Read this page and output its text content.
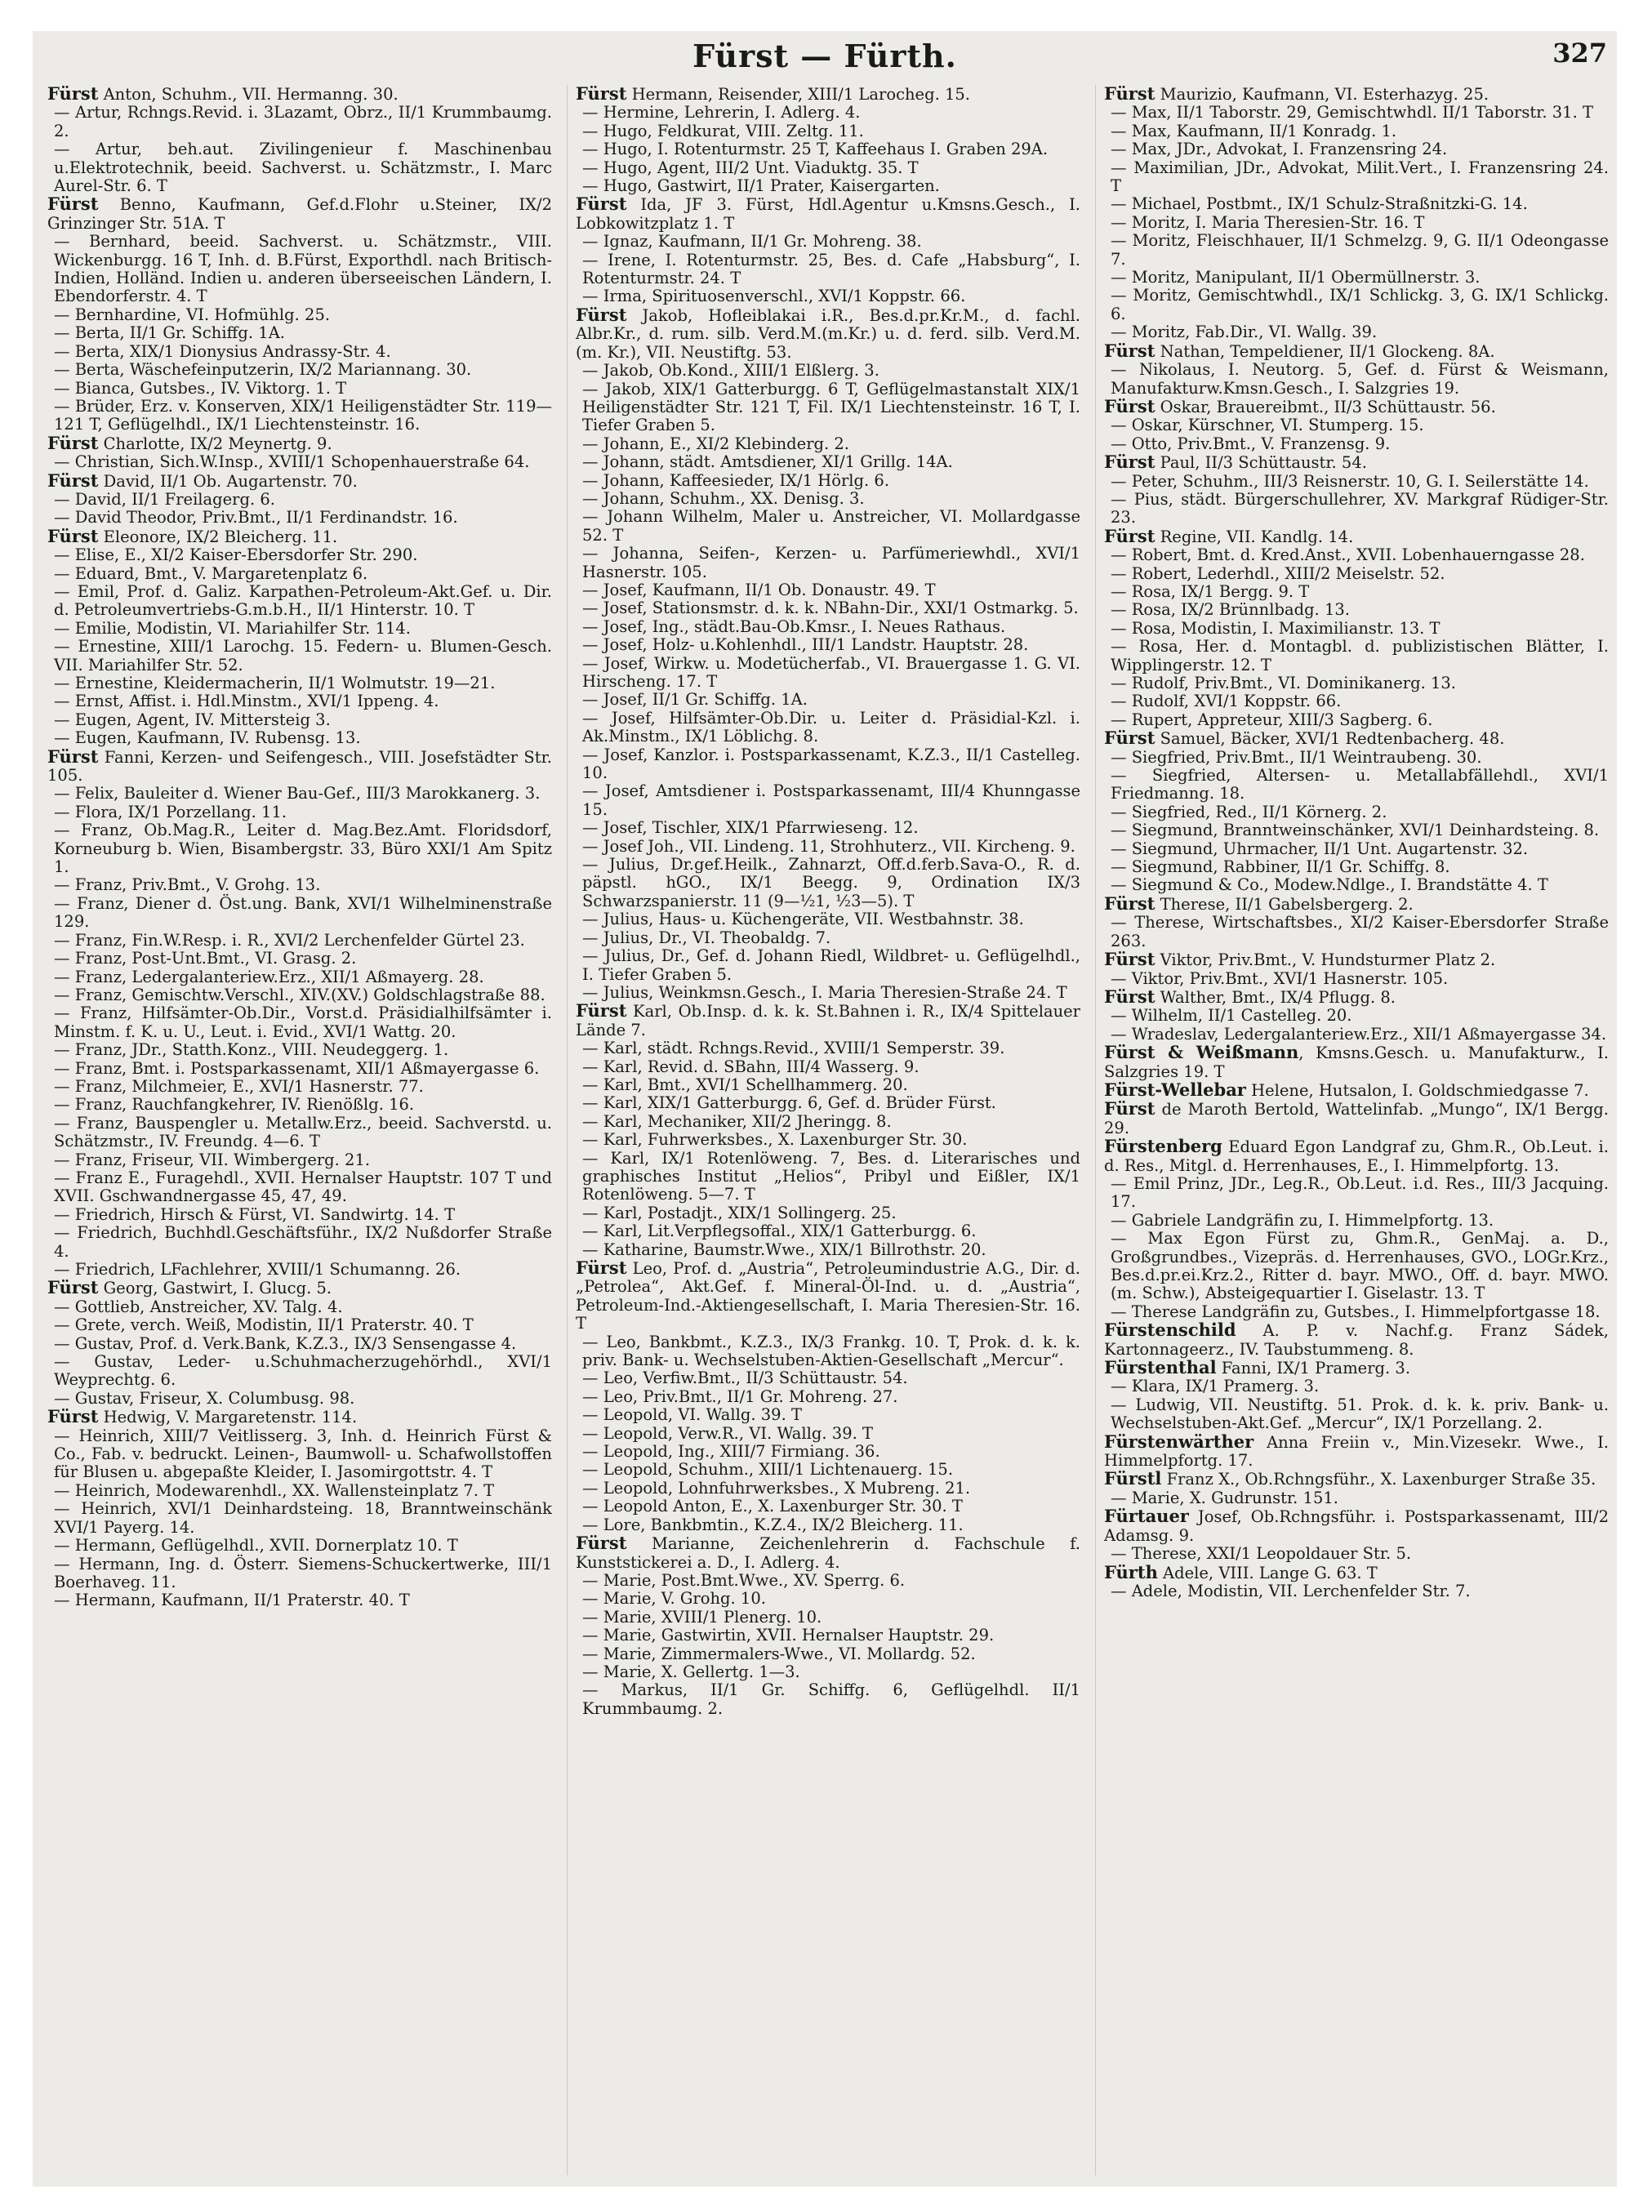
Fürst — Fürth.	327
Fürst Anton, Schuhm., VII. Hermanng. 30.
— Artur, Rchngs.Revid. i. 3Lazamt, Obrz., II/1 Krummbaumg. 2.
— Artur, beh.aut. Zivilingenieur f. Maschinenbau u.Elektrotechnik, beeid. Sachverst. u. Schätzmstr., I. Marc Aurel-Str. 6. T
Fürst Benno, Kaufmann, Gef.d.Flohr u.Steiner, IX/2 Grinzinger Str. 51A. T
— Bernhard, beeid. Sachverst. u. Schätzmstr., VIII. Wickenburgg. 16 T, Inh. d. B.Fürst, Exporthdl. nach Britisch-Indien, Holländ. Indien u. anderen überseeischen Ländern, I. Ebendorferstr. 4. T
— Bernhardine, VI. Hofmühlg. 25.
— Berta, II/1 Gr. Schiffg. 1A.
— Berta, XIX/1 Dionysius Andrassy-Str. 4.
— Berta, Wäschefeinputzerin, IX/2 Mariannang. 30.
— Bianca, Gutsbes., IV. Viktorg. 1. T
— Brüder, Erz. v. Konserven, XIX/1 Heiligenstädter Str. 119—121 T, Geflügelhdl., IX/1 Liechtensteinstr. 16.
Fürst Charlotte, IX/2 Meynertg. 9.
— Christian, Sich.W.Insp., XVIII/1 Schopenhauerstraße 64.
Fürst David, II/1 Ob. Augartenstr. 70.
— David, II/1 Freilagerg. 6.
— David Theodor, Priv.Bmt., II/1 Ferdinandstr. 16.
Fürst Eleonore, IX/2 Bleicherg. 11.
— Elise, E., XI/2 Kaiser-Ebersdorfer Str. 290.
— Eduard, Bmt., V. Margaretenplatz 6.
— Emil, Prof. d. Galiz. Karpathen-Petroleum-Akt.Gef. u. Dir. d. Petroleumvertriebs-G.m.b.H., II/1 Hinterstr. 10. T
— Emilie, Modistin, VI. Mariahilfer Str. 114.
— Ernestine, XIII/1 Larochg. 15. Federn- u. Blumen-Gesch. VII. Mariahilfer Str. 52.
— Ernestine, Kleidermacherin, II/1 Wolmutstr. 19—21.
— Ernst, Affist. i. Hdl.Minstm., XVI/1 Ippeng. 4.
— Eugen, Agent, IV. Mittersteig 3.
— Eugen, Kaufmann, IV. Rubensg. 13.
Fürst Fanni, Kerzen- und Seifengesch., VIII. Josefstädter Str. 105.
— Felix, Bauleiter d. Wiener Bau-Gef., III/3 Marokkanerg. 3.
— Flora, IX/1 Porzellang. 11.
— Franz, Ob.Mag.R., Leiter d. Mag.Bez.Amt. Floridsdorf, Korneuburg b. Wien, Bisambergstr. 33, Büro XXI/1 Am Spitz 1.
— Franz, Priv.Bmt., V. Grohg. 13.
— Franz, Diener d. Öst.ung. Bank, XVI/1 Wilhelminenstraße 129.
— Franz, Fin.W.Resp. i. R., XVI/2 Lerchenfelder Gürtel 23.
— Franz, Post-Unt.Bmt., VI. Grasg. 2.
— Franz, Ledergalanteriew.Erz., XII/1 Aßmayerg. 28.
— Franz, Gemischtw.Verschl., XIV.(XV.) Goldschlagstraße 88.
— Franz, Hilfsämter-Ob.Dir., Vorst.d. Präsidialhilfsämter i. Minstm. f. K. u. U., Leut. i. Evid., XVI/1 Wattg. 20.
— Franz, JDr., Statth.Konz., VIII. Neudeggerg. 1.
— Franz, Bmt. i. Postsparkassenamt, XII/1 Aßmayergasse 6.
— Franz, Milchmeier, E., XVI/1 Hasnerstr. 77.
— Franz, Rauchfangkehrer, IV. Rienößlg. 16.
— Franz, Bauspengler u. Metallw.Erz., beeid. Sachverstd. u. Schätzmstr., IV. Freundg. 4—6. T
— Franz, Friseur, VII. Wimbergerg. 21.
— Franz E., Furagehdl., XVII. Hernalser Hauptstr. 107 T und XVII. Gschwandnergasse 45, 47, 49.
— Friedrich, Hirsch & Fürst, VI. Sandwirtg. 14. T
— Friedrich, Buchhdl.Geschäftsführ., IX/2 Nußdorfer Straße 4.
— Friedrich, LFachlehrer, XVIII/1 Schumanng. 26.
Fürst Georg, Gastwirt, I. Glucg. 5.
— Gottlieb, Anstreicher, XV. Talg. 4.
— Grete, verch. Weiß, Modistin, II/1 Praterstr. 40. T
— Gustav, Prof. d. Verk.Bank, K.Z.3., IX/3 Sensengasse 4.
— Gustav, Leder- u.Schuhmacherzugehörhdl., XVI/1 Weyprechtg. 6.
— Gustav, Friseur, X. Columbusg. 98.
Fürst Hedwig, V. Margaretenstr. 114.
— Heinrich, XIII/7 Veitlisserg. 3, Inh. d. Heinrich Fürst & Co., Fab. v. bedruckt. Leinen-, Baumwoll- u. Schafwollstoffen für Blusen u. abgepaßte Kleider, I. Jasomirgottstr. 4. T
— Heinrich, Modewarenhdl., XX. Wallensteinplatz 7. T
— Heinrich, XVI/1 Deinhardsteing. 18, Branntweinschänk XVI/1 Payerg. 14.
— Hermann, Geflügelhdl., XVII. Dornerplatz 10. T
— Hermann, Ing. d. Österr. Siemens-Schuckertwerke, III/1 Boerhaveg. 11.
— Hermann, Kaufmann, II/1 Praterstr. 40. T
Fürst Hermann, Reisender, XIII/1 Larocheg. 15.
— Hermine, Lehrerin, I. Adlerg. 4.
— Hugo, Feldkurat, VIII. Zeltg. 11.
— Hugo, I. Rotenturmstr. 25 T, Kaffeehaus I. Graben 29A.
— Hugo, Agent, III/2 Unt. Viaduktg. 35. T
— Hugo, Gastwirt, II/1 Prater, Kaisergarten.
Fürst Ida, JF 3. Fürst, Hdl.Agentur u.Kmsns.Gesch., I. Lobkowitzplatz 1. T
— Ignaz, Kaufmann, II/1 Gr. Mohreng. 38.
— Irene, I. Rotenturmstr. 25, Bes. d. Cafe „Habsburg“, I. Rotenturmstr. 24. T
— Irma, Spirituosenverschl., XVI/1 Koppstr. 66.
Fürst Jakob, Hofleiblakai i.R., Bes.d.pr.Kr.M., d. fachl. Albr.Kr., d. rum. silb. Verd.M.(m.Kr.) u. d. ferd. silb. Verd.M. (m. Kr.), VII. Neustiftg. 53.
— Jakob, Ob.Kond., XIII/1 Elßlerg. 3.
— Jakob, XIX/1 Gatterburgg. 6 T, Geflügelmastanstalt XIX/1 Heiligenstädter Str. 121 T, Fil. IX/1 Liechtensteinstr. 16 T, I. Tiefer Graben 5.
— Johann, E., XI/2 Klebinderg. 2.
— Johann, städt. Amtsdiener, XI/1 Grillg. 14A.
— Johann, Kaffeesieder, IX/1 Hörlg. 6.
— Johann, Schuhm., XX. Denisg. 3.
— Johann Wilhelm, Maler u. Anstreicher, VI. Mollardgasse 52. T
— Johanna, Seifen-, Kerzen- u. Parfümeriewhdl., XVI/1 Hasnerstr. 105.
— Josef, Kaufmann, II/1 Ob. Donaustr. 49. T
— Josef, Stationsmstr. d. k. k. NBahn-Dir., XXI/1 Ostmarkg. 5.
— Josef, Ing., städt.Bau-Ob.Kmsr., I. Neues Rathaus.
— Josef, Holz- u.Kohlenhdl., III/1 Landstr. Hauptstr. 28.
— Josef, Wirkw. u. Modetücherfab., VI. Brauergasse 1. G. VI. Hirscheng. 17. T
— Josef, II/1 Gr. Schiffg. 1A.
— Josef, Hilfsämter-Ob.Dir. u. Leiter d. Präsidial-Kzl. i. Ak.Minstm., IX/1 Löblichg. 8.
— Josef, Kanzlor. i. Postsparkassenamt, K.Z.3., II/1 Castelleg. 10.
— Josef, Amtsdiener i. Postsparkassenamt, III/4 Khunngasse 15.
— Josef, Tischler, XIX/1 Pfarrwieseng. 12.
— Josef Joh., VII. Lindeng. 11, Strohhuterz., VII. Kircheng. 9.
— Julius, Dr.gef.Heilk., Zahnarzt, Off.d.ferb.Sava-O., R. d. päpstl. hGO., IX/1 Beegg. 9, Ordination IX/3 Schwarzspanierstr. 11 (9—½1, ½3—5). T
— Julius, Haus- u. Küchengeräte, VII. Westbahnstr. 38.
— Julius, Dr., VI. Theobaldg. 7.
— Julius, Dr., Gef. d. Johann Riedl, Wildbret- u. Geflügelhdl., I. Tiefer Graben 5.
— Julius, Weinkmsn.Gesch., I. Maria Theresien-Straße 24. T
Fürst Karl, Ob.Insp. d. k. k. St.Bahnen i. R., IX/4 Spittelauer Lände 7.
— Karl, städt. Rchngs.Revid., XVIII/1 Semperstr. 39.
— Karl, Revid. d. SBahn, III/4 Wasserg. 9.
— Karl, Bmt., XVI/1 Schellhammerg. 20.
— Karl, XIX/1 Gatterburgg. 6, Gef. d. Brüder Fürst.
— Karl, Mechaniker, XII/2 Jheringg. 8.
— Karl, Fuhrwerksbes., X. Laxenburger Str. 30.
— Karl, IX/1 Rotenlöweng. 7, Bes. d. Literarisches und graphisches Institut „Helios“, Pribyl und Eißler, IX/1 Rotenlöweng. 5—7. T
— Karl, Postadjt., XIX/1 Sollingerg. 25.
— Karl, Lit.Verpflegsoffal., XIX/1 Gatterburgg. 6.
— Katharine, Baumstr.Wwe., XIX/1 Billrothstr. 20.
Fürst Leo, Prof. d. „Austria“, Petroleumindustrie A.G., Dir. d. „Petrolea“, Akt.Gef. f. Mineral-Öl-Ind. u. d. „Austria“, Petroleum-Ind.-Aktiengesellschaft, I. Maria Theresien-Str. 16. T
— Leo, Bankbmt., K.Z.3., IX/3 Frankg. 10. T, Prok. d. k. k. priv. Bank- u. Wechselstuben-Aktien-Gesellschaft „Mercur“.
— Leo, Verfiw.Bmt., II/3 Schüttaustr. 54.
— Leo, Priv.Bmt., II/1 Gr. Mohreng. 27.
— Leopold, VI. Wallg. 39. T
— Leopold, Verw.R., VI. Wallg. 39. T
— Leopold, Ing., XIII/7 Firmiang. 36.
— Leopold, Schuhm., XIII/1 Lichtenauerg. 15.
— Leopold, Lohnfuhrwerksbes., X Mubreng. 21.
— Leopold Anton, E., X. Laxenburger Str. 30. T
— Lore, Bankbmtin., K.Z.4., IX/2 Bleicherg. 11.
Fürst Marianne, Zeichenlehrerin d. Fachschule f. Kunststickerei a. D., I. Adlerg. 4.
— Marie, Post.Bmt.Wwe., XV. Sperrg. 6.
— Marie, V. Grohg. 10.
— Marie, XVIII/1 Plenerg. 10.
— Marie, Gastwirtin, XVII. Hernalser Hauptstr. 29.
— Marie, Zimmermalers-Wwe., VI. Mollardg. 52.
— Marie, X. Gellertg. 1—3.
— Markus, II/1 Gr. Schiffg. 6, Geflügelhdl. II/1 Krummbaumg. 2.
Fürst Maurizio, Kaufmann, VI. Esterhazyg. 25.
— Max, II/1 Taborstr. 29, Gemischtwhdl. II/1 Taborstr. 31. T
— Max, Kaufmann, II/1 Konradg. 1.
— Max, JDr., Advokat, I. Franzensring 24.
— Maximilian, JDr., Advokat, Milit.Vert., I. Franzensring 24. T
— Michael, Postbmt., IX/1 Schulz-Straßnitzki-G. 14.
— Moritz, I. Maria Theresien-Str. 16. T
— Moritz, Fleischhauer, II/1 Schmelzg. 9, G. II/1 Odeongasse 7.
— Moritz, Manipulant, II/1 Obermüllnerstr. 3.
— Moritz, Gemischtwhdl., IX/1 Schlickg. 3, G. IX/1 Schlickg. 6.
— Moritz, Fab.Dir., VI. Wallg. 39.
Fürst Nathan, Tempeldiener, II/1 Glockeng. 8A.
— Nikolaus, I. Neutorg. 5, Gef. d. Fürst & Weismann, Manufakturw.Kmsn.Gesch., I. Salzgries 19.
Fürst Oskar, Brauereibmt., II/3 Schüttaustr. 56.
— Oskar, Kürschner, VI. Stumperg. 15.
— Otto, Priv.Bmt., V. Franzensg. 9.
Fürst Paul, II/3 Schüttaustr. 54.
— Peter, Schuhm., III/3 Reisnerstr. 10, G. I. Seilerstätte 14.
— Pius, städt. Bürgerschullehrer, XV. Markgraf Rüdiger-Str. 23.
Fürst Regine, VII. Kandlg. 14.
— Robert, Bmt. d. Kred.Anst., XVII. Lobenhauerngasse 28.
— Robert, Lederhdl., XIII/2 Meiselstr. 52.
— Rosa, IX/1 Bergg. 9. T
— Rosa, IX/2 Brünnlbadg. 13.
— Rosa, Modistin, I. Maximilianstr. 13. T
— Rosa, Her. d. Montagbl. d. publizistischen Blätter, I. Wipplingerstr. 12. T
— Rudolf, Priv.Bmt., VI. Dominikanerg. 13.
— Rudolf, XVI/1 Koppstr. 66.
— Rupert, Appreteur, XIII/3 Sagberg. 6.
Fürst Samuel, Bäcker, XVI/1 Redtenbacherg. 48.
— Siegfried, Priv.Bmt., II/1 Weintraubeng. 30.
— Siegfried, Altersen- u. Metallabfällehdl., XVI/1 Friedmanng. 18.
— Siegfried, Red., II/1 Körnerg. 2.
— Siegmund, Branntweinschänker, XVI/1 Deinhardsteing. 8.
— Siegmund, Uhrmacher, II/1 Unt. Augartenstr. 32.
— Siegmund, Rabbiner, II/1 Gr. Schiffg. 8.
— Siegmund & Co., Modew.Ndlge., I. Brandstätte 4. T
Fürst Therese, II/1 Gabelsbergerg. 2.
— Therese, Wirtschaftsbes., XI/2 Kaiser-Ebersdorfer Straße 263.
Fürst Viktor, Priv.Bmt., V. Hundsturmer Platz 2.
— Viktor, Priv.Bmt., XVI/1 Hasnerstr. 105.
Fürst Walther, Bmt., IX/4 Pflugg. 8.
— Wilhelm, II/1 Castelleg. 20.
— Wradeslav, Ledergalanteriew.Erz., XII/1 Aßmayergasse 34.
Fürst & Weißmann, Kmsns.Gesch. u. Manufakturw., I. Salzgries 19. T
Fürst-Wellebar Helene, Hutsalon, I. Goldschmiedgasse 7.
Fürst de Maroth Bertold, Wattelinfab. „Mungo“, IX/1 Bergg. 29.
Fürstenberg Eduard Egon Landgraf zu, Ghm.R., Ob.Leut. i. d. Res., Mitgl. d. Herrenhauses, E., I. Himmelpfortg. 13.
— Emil Prinz, JDr., Leg.R., Ob.Leut. i.d. Res., III/3 Jacquing. 17.
— Gabriele Landgräfin zu, I. Himmelpfortg. 13.
— Max Egon Fürst zu, Ghm.R., GenMaj. a. D., Großgrundbes., Vizepräs. d. Herrenhauses, GVO., LOGr.Krz., Bes.d.pr.ei.Krz.2., Ritter d. bayr. MWO., Off. d. bayr. MWO. (m. Schw.), Absteigequartier I. Giselastr. 13. T
— Therese Landgräfin zu, Gutsbes., I. Himmelpfortgasse 18.
Fürstenschild A. P. v. Nachf.g. Franz Sádek, Kartonnageerz., IV. Taubstummeng. 8.
Fürstenthal Fanni, IX/1 Pramerg. 3.
— Klara, IX/1 Pramerg. 3.
— Ludwig, VII. Neustiftg. 51. Prok. d. k. k. priv. Bank- u. Wechselstuben-Akt.Gef. „Mercur“, IX/1 Porzellang. 2.
Fürstenwärther Anna Freiin v., Min.Vizesekr. Wwe., I. Himmelpfortg. 17.
Fürstl Franz X., Ob.Rchngsführ., X. Laxenburger Straße 35.
— Marie, X. Gudrunstr. 151.
Fürtauer Josef, Ob.Rchngsführ. i. Postsparkassenamt, III/2 Adamsg. 9.
— Therese, XXI/1 Leopoldauer Str. 5.
Fürth Adele, VIII. Lange G. 63. T
— Adele, Modistin, VII. Lerchenfelder Str. 7.
